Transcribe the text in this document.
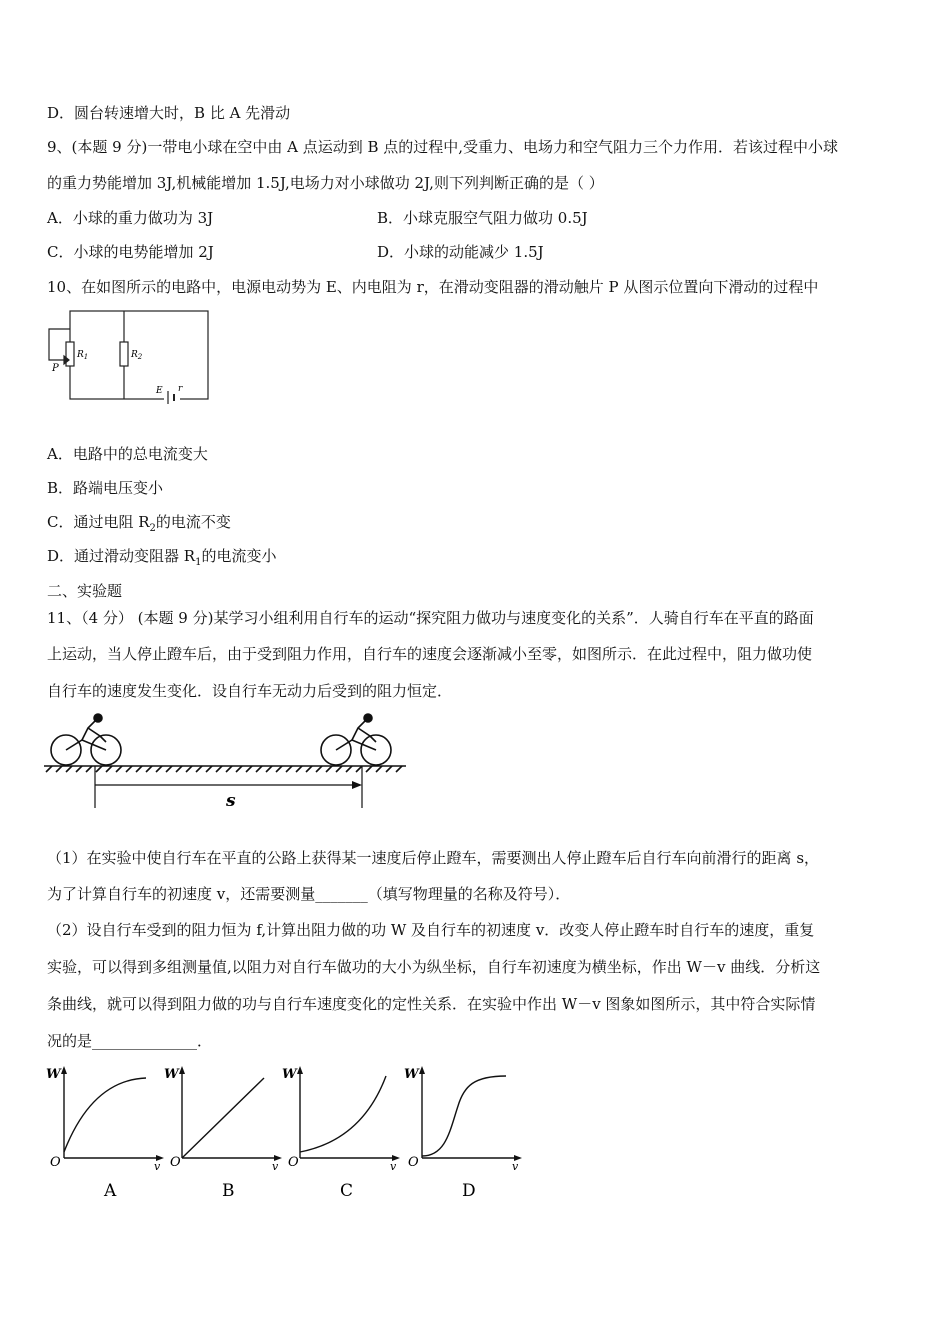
D．圆台转速增大时，B 比 A 先滑动
9、(本题 9 分)一带电小球在空中由 A 点运动到 B 点的过程中,受重力、电场力和空气阻力三个力作用．若该过程中小球
的重力势能增加 3J,机械能增加 1.5J,电场力对小球做功 2J,则下列判断正确的是（ ）
A．小球的重力做功为 3J	B．小球克服空气阻力做功 0.5J
C．小球的电势能增加 2J	D．小球的动能减少 1.5J
10、在如图所示的电路中，电源电动势为 E、内电阻为 r，在滑动变阻器的滑动触片 P 从图示位置向下滑动的过程中
P
$R_1$	$R_2$
E r
A．电路中的总电流变大
B．路端电压变小
C．通过电阻 $R_2$的电流不变
D．通过滑动变阻器 $R_1$的电流变小
二、实验题
11、（4 分） (本题 9 分)某学习小组利用自行车的运动“探究阻力做功与速度变化的关系”．人骑自行车在平直的路面
上运动，当人停止蹬车后，由于受到阻力作用，自行车的速度会逐渐减小至零，如图所示．在此过程中，阻力做功使
自行车的速度发生变化．设自行车无动力后受到的阻力恒定．
s
（1）在实验中使自行车在平直的公路上获得某一速度后停止蹬车，需要测出人停止蹬车后自行车向前滑行的距离 s，
为了计算自行车的初速度 v，还需要测量_______（填写物理量的名称及符号）．
（2）设自行车受到的阻力恒为 f,计算出阻力做的功 W 及自行车的初速度 v．改变人停止蹬车时自行车的速度，重复
实验，可以得到多组测量值,以阻力对自行车做功的大小为纵坐标，自行车初速度为横坐标，作出 W－v 曲线．分析这
条曲线，就可以得到阻力做的功与自行车速度变化的定性关系．在实验中作出 W－v 图象如图所示，其中符合实际情
况的是______________．
W
v
O
A
W
v
O
B
W
v
O
C
W
v
O
D
